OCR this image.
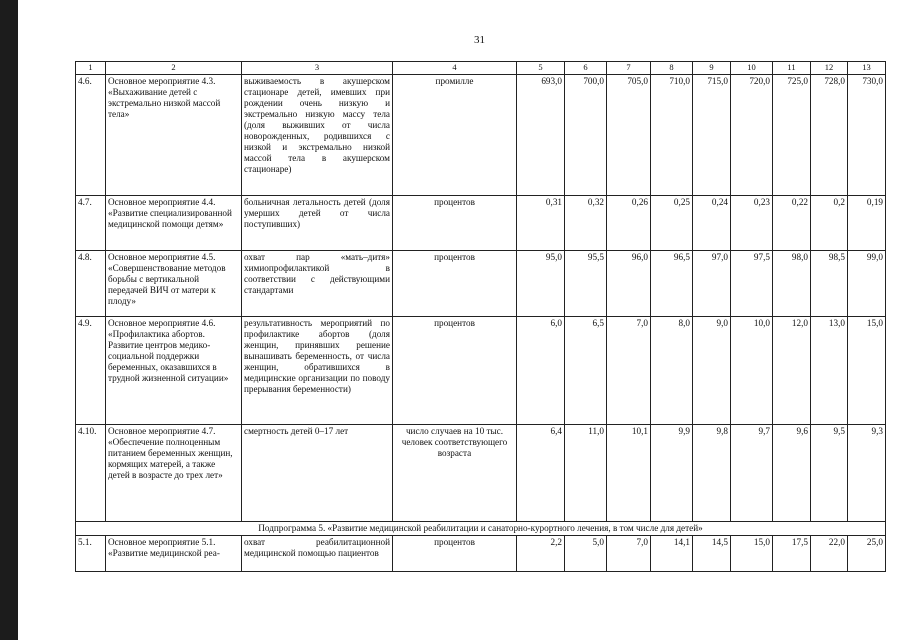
31
1	2	3	4	5	6	7	8	9	10	11	12	13
4.6.	Основное мероприятие 4.3. «Выхаживание детей с экстремально низкой массой тела»	выживаемость в акушерском стационаре детей, имевших при рождении очень низкую и экстремально низкую массу тела (доля выживших от числа новорожденных, родившихся с низкой и экстремально низкой массой тела в акушерском стационаре)	промилле	693,0	700,0	705,0	710,0	715,0	720,0	725,0	728,0	730,0
4.7.	Основное мероприятие 4.4. «Развитие специализированной медицинской помощи детям»	больничная летальность детей (доля умерших детей от числа поступивших)	процентов	0,31	0,32	0,26	0,25	0,24	0,23	0,22	0,2	0,19
4.8.	Основное мероприятие 4.5. «Совершенствование методов борьбы с вертикальной передачей ВИЧ от матери к плоду»	охват пар «мать–дитя» химиопрофилактикой в соответствии с действующими стандартами	процентов	95,0	95,5	96,0	96,5	97,0	97,5	98,0	98,5	99,0
4.9.	Основное мероприятие 4.6. «Профилактика абортов. Развитие центров медико-социальной поддержки беременных, оказавшихся в трудной жизненной ситуации»	результативность мероприятий по профилактике абортов (доля женщин, принявших решение вынашивать беременность, от числа женщин, обратившихся в медицинские организации по поводу прерывания беременности)	процентов	6,0	6,5	7,0	8,0	9,0	10,0	12,0	13,0	15,0
4.10.	Основное мероприятие 4.7. «Обеспечение полноценным питанием беременных женщин, кормящих матерей, а также детей в возрасте до трех лет»	смертность детей 0–17 лет	число случаев на 10 тыс. человек соответствующего возраста	6,4	11,0	10,1	9,9	9,8	9,7	9,6	9,5	9,3
Подпрограмма 5. «Развитие медицинской реабилитации и санаторно-курортного лечения, в том числе для детей»												
5.1.	Основное мероприятие 5.1. «Развитие медицинской реа-	охват реабилитационной медицинской помощью пациентов	процентов	2,2	5,0	7,0	14,1	14,5	15,0	17,5	22,0	25,0
